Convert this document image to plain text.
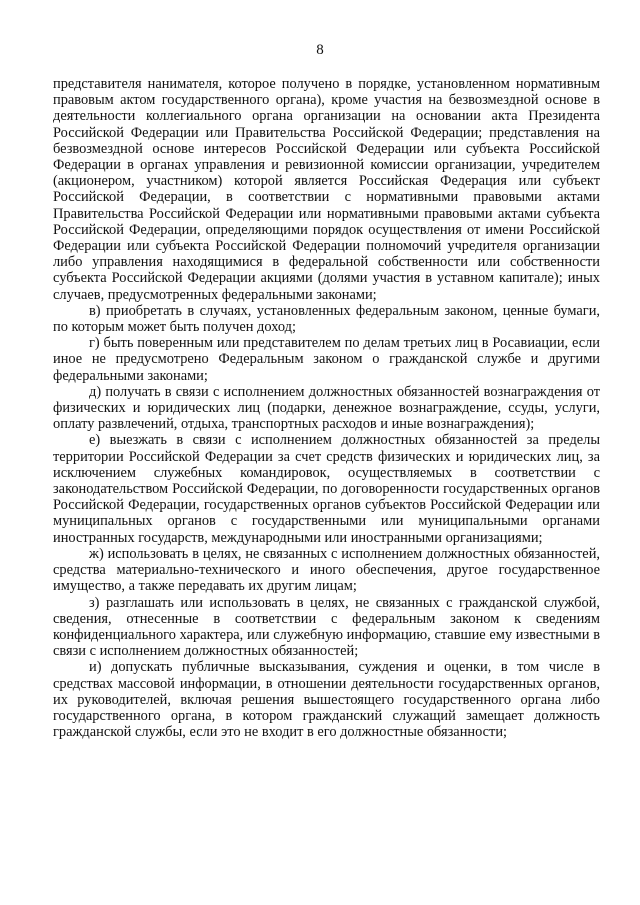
8

представителя нанимателя, которое получено в порядке, установленном нормативным правовым актом государственного органа), кроме участия на безвозмездной основе в деятельности коллегиального органа организации на основании акта Президента Российской Федерации или Правительства Российской Федерации; представления на безвозмездной основе интересов Российской Федерации или субъекта Российской Федерации в органах управления и ревизионной комиссии организации, учредителем (акционером, участником) которой является Российская Федерация или субъект Российской Федерации, в соответствии с нормативными правовыми актами Правительства Российской Федерации или нормативными правовыми актами субъекта Российской Федерации, определяющими порядок осуществления от имени Российской Федерации или субъекта Российской Федерации полномочий учредителя организации либо управления находящимися в федеральной собственности или собственности субъекта Российской Федерации акциями (долями участия в уставном капитале); иных случаев, предусмотренных федеральными законами;

в) приобретать в случаях, установленных федеральным законом, ценные бумаги, по которым может быть получен доход;

г) быть поверенным или представителем по делам третьих лиц в Росавиации, если иное не предусмотрено Федеральным законом о гражданской службе и другими федеральными законами;

д) получать в связи с исполнением должностных обязанностей вознаграждения от физических и юридических лиц (подарки, денежное вознаграждение, ссуды, услуги, оплату развлечений, отдыха, транспортных расходов и иные вознаграждения);

е) выезжать в связи с исполнением должностных обязанностей за пределы территории Российской Федерации за счет средств физических и юридических лиц, за исключением служебных командировок, осуществляемых в соответствии с законодательством Российской Федерации, по договоренности государственных органов Российской Федерации, государственных органов субъектов Российской Федерации или муниципальных органов с государственными или муниципальными органами иностранных государств, международными или иностранными организациями;

ж) использовать в целях, не связанных с исполнением должностных обязанностей, средства материально-технического и иного обеспечения, другое государственное имущество, а также передавать их другим лицам;

з) разглашать или использовать в целях, не связанных с гражданской службой, сведения, отнесенные в соответствии с федеральным законом к сведениям конфиденциального характера, или служебную информацию, ставшие ему известными в связи с исполнением должностных обязанностей;

и) допускать публичные высказывания, суждения и оценки, в том числе в средствах массовой информации, в отношении деятельности государственных органов, их руководителей, включая решения вышестоящего государственного органа либо государственного органа, в котором гражданский служащий замещает должность гражданской службы, если это не входит в его должностные обязанности;
